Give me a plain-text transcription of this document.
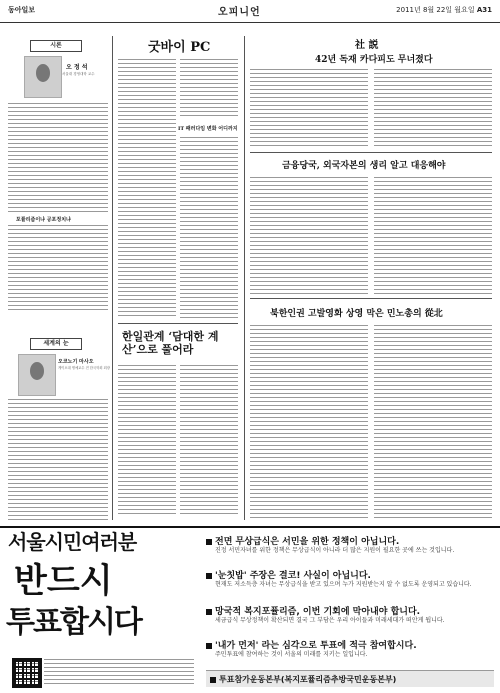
동아일보	오피니언	2011년 8월 22일 월요일 A31
시론
오 정 석
서울대 경영대학 교수
포퓰리즘이냐 공포정치냐
세계의 눈
오코노기 마사오
게이오대 명예교수 전 한국학회 회장
굿바이 PC
IT 패러다임 변화 어디까지
한일관계 ‘담대한 계산’으로 풀어라
社 説
42년 독재 카다피도 무너졌다
금융당국, 외국자본의 생리 알고 대응해야
북한인권 고발영화 상영 막은 민노총의 從北
서울시민여러분
반드시
투표합시다
전면 무상급식은 서민을 위한 정책이 아닙니다.
진정 서민자녀를 위한 정책은 무상급식이 아니라 더 많은 지원이 필요한 곳에 쓰는 것입니다.
'눈칫밥' 주장은 결코! 사실이 아닙니다.
현재도 저소득층 자녀는 무상급식을 받고 있으며 누가 지원받는지 알 수 없도록 운영되고 있습니다.
망국적 복지포퓰리즘, 이번 기회에 막아내야 합니다.
세금급식 무상정책이 확산되면 결국 그 부담은 우리 아이들과 미래세대가 떠안게 됩니다.
'내가 먼저' 라는 심각으로 투표에 적극 참여합시다.
주민투표에 참여하는 것이 서울의 미래를 지키는 일입니다.
투표참가운동본부(복지포퓰리즘추방국민운동본부)
